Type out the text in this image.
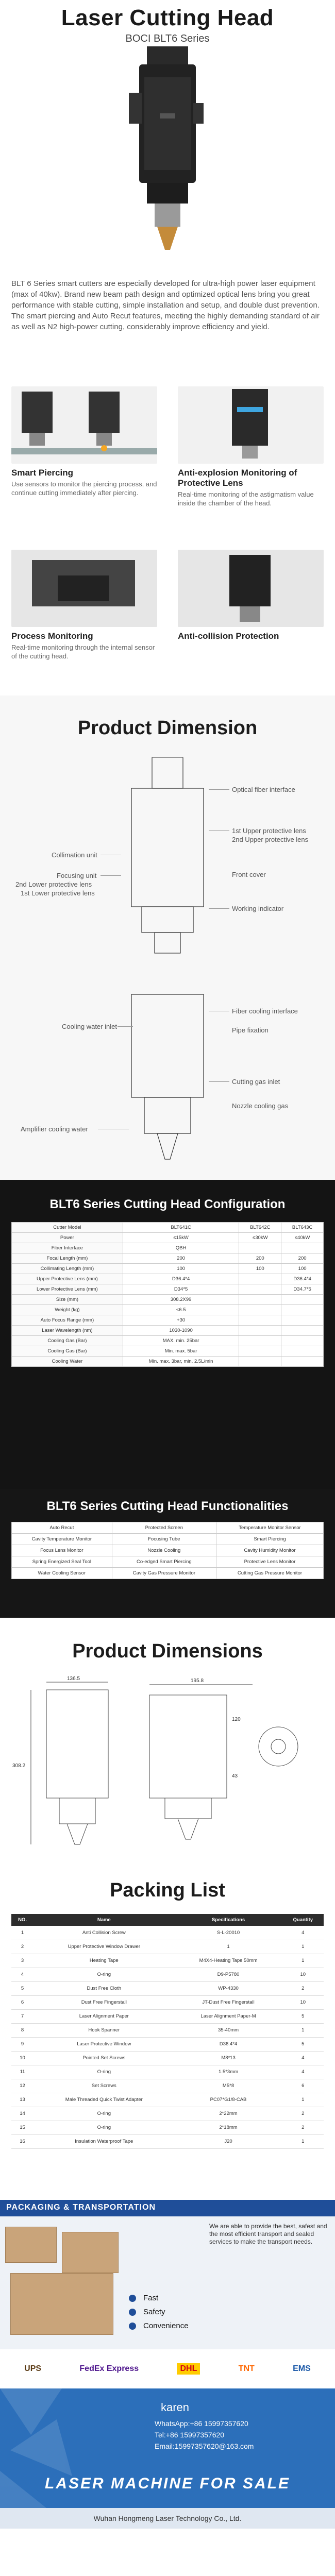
Laser Cutting Head
BOCI BLT6 Series
BLT 6 Series smart cutters are especially developed for ultra-high power laser equipment (max of 40kw). Brand new beam path design and optimized optical lens bring you great performance with stable cutting, simple installation and setup, and double dust prevention. The smart piercing and Auto Recut features, meeting the highly demanding standard of air as well as N2 high-power cutting, considerably improve efficiency and yield.
Smart Piercing

Use sensors to monitor the piercing process, and continue cutting immediately after piercing.

Anti-explosion Monitoring of Protective Lens

Real-time monitoring of the astigmatism value inside the chamber of the head.

Process Monitoring

Real-time monitoring through the internal sensor of the cutting head.

Anti-collision Protection

Product Dimension
Optical fiber interface
1st Upper protective lens
2nd Upper protective lens
Collimation unit
Focusing unit
2nd Lower protective lens
1st Lower protective lens
Front cover
Working indicator
Fiber cooling interface
Cooling water inlet	Pipe fixation
Cutting gas inlet
Nozzle cooling gas
Amplifier cooling water
BLT6 Series Cutting Head Configuration
Cutter Model	BLT641C	BLT642C	BLT643C
Power	≤15kW	≤30kW	≤40kW
Fiber Interface	QBH		
Focal Length (mm)	200	200	200
Collimating Length (mm)	100	100	100
Upper Protective Lens (mm)	D36.4*4		D36.4*4
Lower Protective Lens (mm)	D34*5		D34.7*5
Size (mm)	308.2X99		
Weight (kg)	<6.5		
Auto Focus Range (mm)	+30		
Laser Wavelength (nm)	1030-1090		
Cooling Gas (Bar)	MAX. min. 25bar		
Cooling Gas (Bar)	Min. max. 5bar		
Cooling Water	Min. max. 3bar, min. 2.5L/min		
BLT6 Series Cutting Head Functionalities
Auto Recut	Protected Screen	Temperature Monitor Sensor
Cavity Temperature Monitor	Focusing Tube	Smart Piercing
Focus Lens Monitor	Nozzle Cooling	Cavity Humidity Monitor
Spring Energized Seal Tool	Co-edged Smart Piercing	Protective Lens Monitor
Water Cooling Sensor	Cavity Gas Pressure Monitor	Cutting Gas Pressure Monitor
Product Dimensions
136.5	195.8
120
43
308.2
Packing List
NO.	Name	Specifications	Quantity
1	Anti Collision Screw	S-L-20010	4
2	Upper Protective Window Drawer	1	1
3	Heating Tape	M4X4-Heating Tape 50mm	1
4	O-ring	D9-P5780	10
5	Dust Free Cloth	WP-4330	2
6	Dust Free Fingerstall	JT-Dust Free Fingerstall	10
7	Laser Alignment Paper	Laser Alignment Paper-M	5
8	Hook Spanner	35-40mm	1
9	Laser Protective Window	D36.4*4	5
10	Pointed Set Screws	M8*13	4
11	O-ring	1.5*3mm	4
12	Set Screws	M5*8	6
13	Male Threaded Quick Twist Adapter	PC07*G1/8-CAB	1
14	O-ring	2*22mm	2
15	O-ring	2*18mm	2
16	Insulation Waterproof Tape	J20	1
PACKAGING & TRANSPORTATION
We are able to provide the best, safest and the most efficient transport and sealed services to make the transport needs.
Fast
Safety
Convenience
UPS	FedEx Express	DHL	TNT	EMS
karen
WhatsApp:+86 15997357620
Tel:+86 15997357620
Email:15997357620@163.com
LASER MACHINE FOR SALE
Wuhan Hongmeng Laser Technology Co., Ltd.
